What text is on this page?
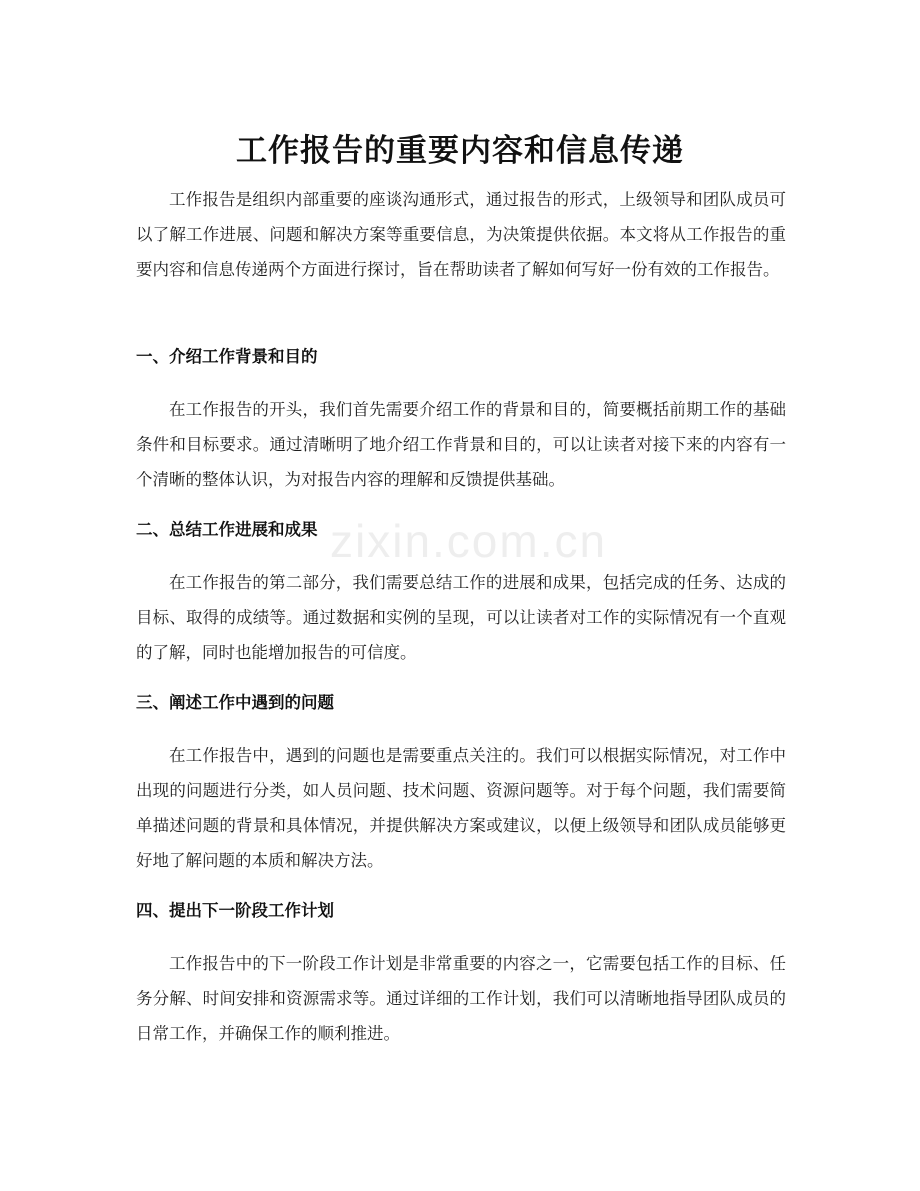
zixin.com.cn
工作报告的重要内容和信息传递

工作报告是组织内部重要的座谈沟通形式，通过报告的形式，上级领导和团队成员可以了解工作进展、问题和解决方案等重要信息，为决策提供依据。本文将从工作报告的重要内容和信息传递两个方面进行探讨，旨在帮助读者了解如何写好一份有效的工作报告。

一、介绍工作背景和目的

在工作报告的开头，我们首先需要介绍工作的背景和目的，简要概括前期工作的基础条件和目标要求。通过清晰明了地介绍工作背景和目的，可以让读者对接下来的内容有一个清晰的整体认识，为对报告内容的理解和反馈提供基础。

二、总结工作进展和成果

在工作报告的第二部分，我们需要总结工作的进展和成果，包括完成的任务、达成的目标、取得的成绩等。通过数据和实例的呈现，可以让读者对工作的实际情况有一个直观的了解，同时也能增加报告的可信度。

三、阐述工作中遇到的问题

在工作报告中，遇到的问题也是需要重点关注的。我们可以根据实际情况，对工作中出现的问题进行分类，如人员问题、技术问题、资源问题等。对于每个问题，我们需要简单描述问题的背景和具体情况，并提供解决方案或建议，以便上级领导和团队成员能够更好地了解问题的本质和解决方法。

四、提出下一阶段工作计划

工作报告中的下一阶段工作计划是非常重要的内容之一，它需要包括工作的目标、任务分解、时间安排和资源需求等。通过详细的工作计划，我们可以清晰地指导团队成员的日常工作，并确保工作的顺利推进。
